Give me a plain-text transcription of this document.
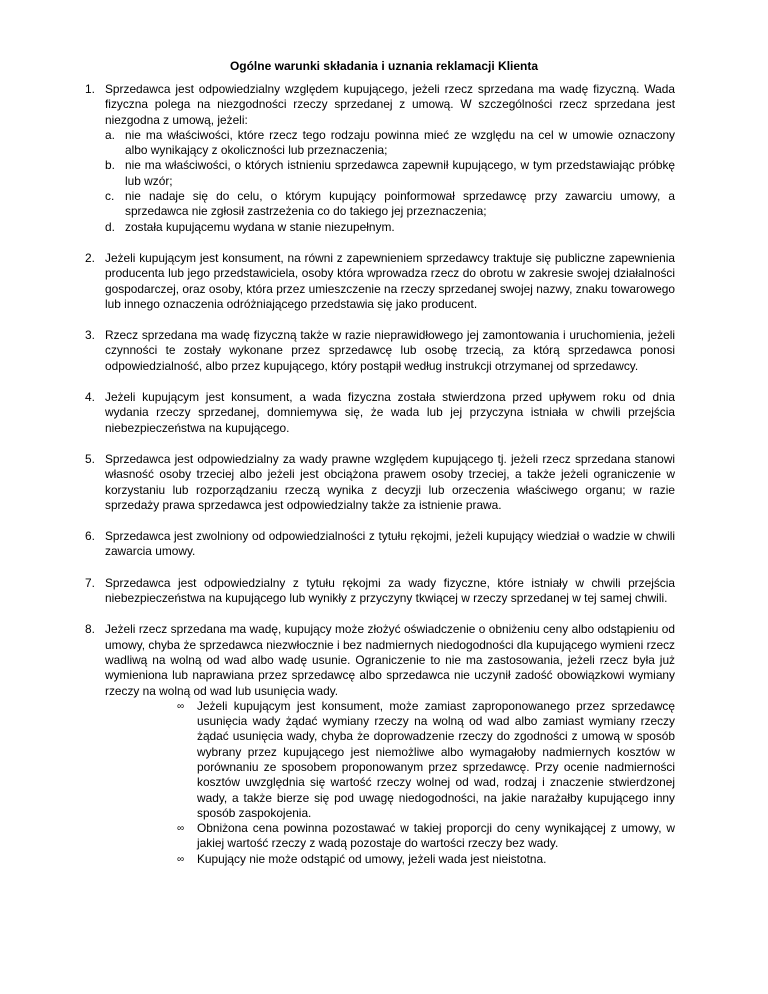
Ogólne warunki składania i uznania reklamacji Klienta
1. Sprzedawca jest odpowiedzialny względem kupującego, jeżeli rzecz sprzedana ma wadę fizyczną. Wada fizyczna polega na niezgodności rzeczy sprzedanej z umową. W szczególności rzecz sprzedana jest niezgodna z umową, jeżeli:
a. nie ma właściwości, które rzecz tego rodzaju powinna mieć ze względu na cel w umowie oznaczony albo wynikający z okoliczności lub przeznaczenia;
b. nie ma właściwości, o których istnieniu sprzedawca zapewnił kupującego, w tym przedstawiając próbkę lub wzór;
c. nie nadaje się do celu, o którym kupujący poinformował sprzedawcę przy zawarciu umowy, a sprzedawca nie zgłosił zastrzeżenia co do takiego jej przeznaczenia;
d. została kupującemu wydana w stanie niezupełnym.
2. Jeżeli kupującym jest konsument, na równi z zapewnieniem sprzedawcy traktuje się publiczne zapewnienia producenta lub jego przedstawiciela, osoby która wprowadza rzecz do obrotu w zakresie swojej działalności gospodarczej, oraz osoby, która przez umieszczenie na rzeczy sprzedanej swojej nazwy, znaku towarowego lub innego oznaczenia odróżniającego przedstawia się jako producent.
3. Rzecz sprzedana ma wadę fizyczną także w razie nieprawidłowego jej zamontowania i uruchomienia, jeżeli czynności te zostały wykonane przez sprzedawcę lub osobę trzecią, za którą sprzedawca ponosi odpowiedzialność, albo przez kupującego, który postąpił według instrukcji otrzymanej od sprzedawcy.
4. Jeżeli kupującym jest konsument, a wada fizyczna została stwierdzona przed upływem roku od dnia wydania rzeczy sprzedanej, domniemywa się, że wada lub jej przyczyna istniała w chwili przejścia niebezpieczeństwa na kupującego.
5. Sprzedawca jest odpowiedzialny za wady prawne względem kupującego tj. jeżeli rzecz sprzedana stanowi własność osoby trzeciej albo jeżeli jest obciążona prawem osoby trzeciej, a także jeżeli ograniczenie w korzystaniu lub rozporządzaniu rzeczą wynika z decyzji lub orzeczenia właściwego organu; w razie sprzedaży prawa sprzedawca jest odpowiedzialny także za istnienie prawa.
6. Sprzedawca jest zwolniony od odpowiedzialności z tytułu rękojmi, jeżeli kupujący wiedział o wadzie w chwili zawarcia umowy.
7. Sprzedawca jest odpowiedzialny z tytułu rękojmi za wady fizyczne, które istniały w chwili przejścia niebezpieczeństwa na kupującego lub wynikły z przyczyny tkwiącej w rzeczy sprzedanej w tej samej chwili.
8. Jeżeli rzecz sprzedana ma wadę, kupujący może złożyć oświadczenie o obniżeniu ceny albo odstąpieniu od umowy, chyba że sprzedawca niezwłocznie i bez nadmiernych niedogodności dla kupującego wymieni rzecz wadliwą na wolną od wad albo wadę usunie. Ograniczenie to nie ma zastosowania, jeżeli rzecz była już wymieniona lub naprawiana przez sprzedawcę albo sprzedawca nie uczynił zadość obowiązkowi wymiany rzeczy na wolną od wad lub usunięcia wady.
∞ Jeżeli kupującym jest konsument, może zamiast zaproponowanego przez sprzedawcę usunięcia wady żądać wymiany rzeczy na wolną od wad albo zamiast wymiany rzeczy żądać usunięcia wady, chyba że doprowadzenie rzeczy do zgodności z umową w sposób wybrany przez kupującego jest niemożliwe albo wymagałoby nadmiernych kosztów w porównaniu ze sposobem proponowanym przez sprzedawcę. Przy ocenie nadmierności kosztów uwzględnia się wartość rzeczy wolnej od wad, rodzaj i znaczenie stwierdzonej wady, a także bierze się pod uwagę niedogodności, na jakie narażałby kupującego inny sposób zaspokojenia.
∞ Obniżona cena powinna pozostawać w takiej proporcji do ceny wynikającej z umowy, w jakiej wartość rzeczy z wadą pozostaje do wartości rzeczy bez wady.
∞ Kupujący nie może odstąpić od umowy, jeżeli wada jest nieistotna.
